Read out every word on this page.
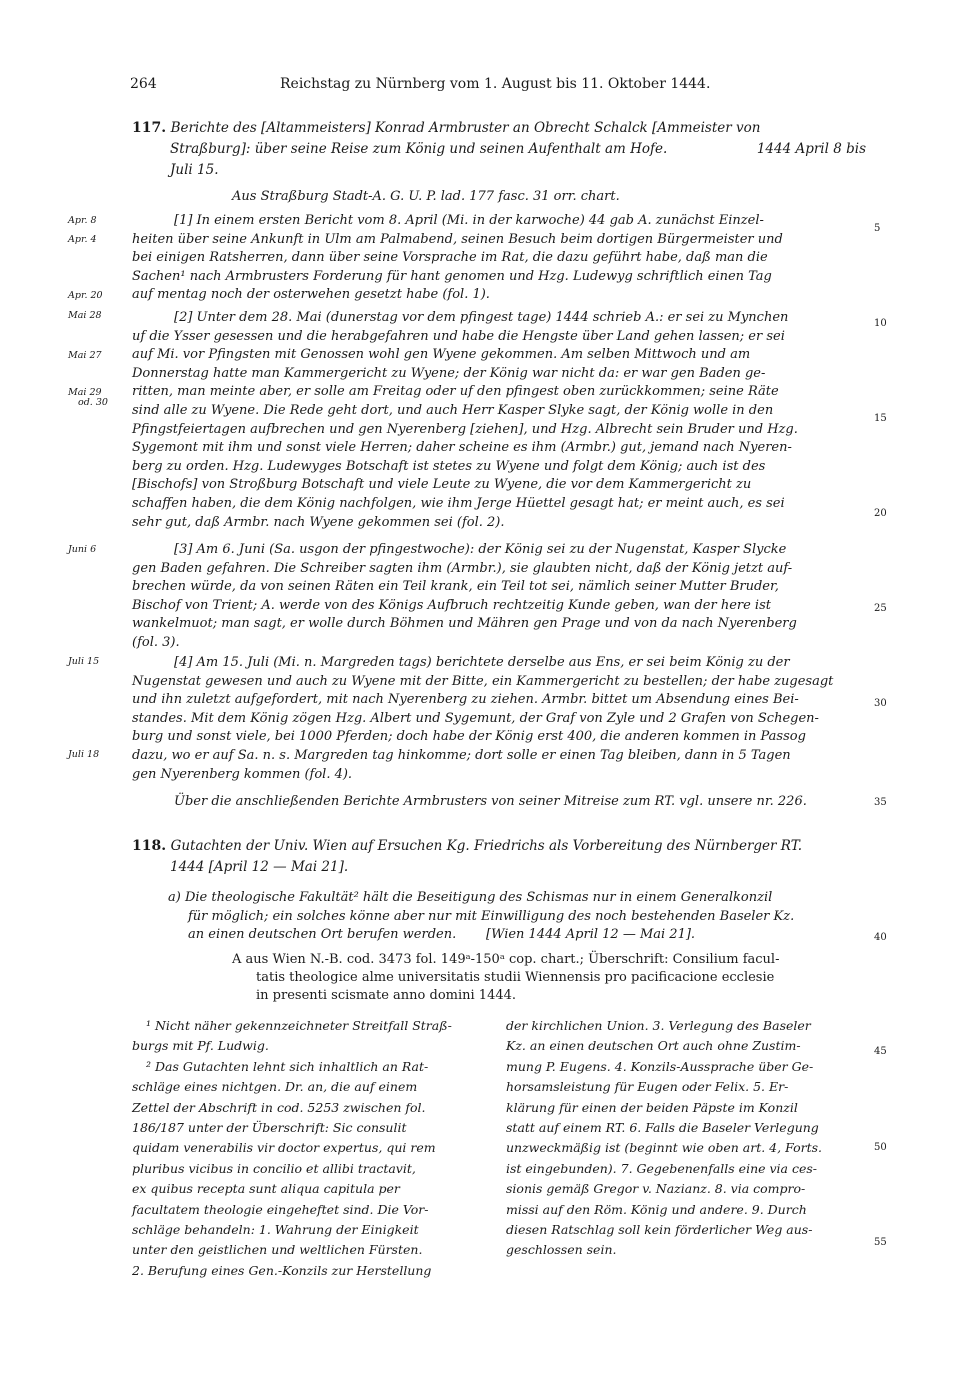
264	Reichstag zu Nürnberg vom 1. August bis 11. Oktober 1444.
117. Berichte des [Altammeisters] Konrad Armbruster an Obrecht Schalck [Ammeister von
Straßburg]: über seine Reise zum König und seinen Aufenthalt am Hofe.	1444 April 8 bis
Juli 15.
Aus Straßburg Stadt-A. G. U. P. lad. 177 fasc. 31 orr. chart.
Apr. 8
Apr. 4
Apr. 20
Mai 28
Mai 27
Mai 29
od. 30
Juni 6
Juli 15
Juli 18
5
10
15
20
25
30
35
40
45
50
55
[1] In einem ersten Bericht vom 8. April (Mi. in der karwoche) 44 gab A. zunächst Einzel-
heiten über seine Ankunft in Ulm am Palmabend, seinen Besuch beim dortigen Bürgermeister und
bei einigen Ratsherren, dann über seine Vorsprache im Rat, die dazu geführt habe, daß man die
Sachen¹ nach Armbrusters Forderung für hant genomen und Hzg. Ludewyg schriftlich einen Tag
auf mentag noch der osterwehen gesetzt habe (fol. 1).
[2] Unter dem 28. Mai (dunerstag vor dem pfingest tage) 1444 schrieb A.: er sei zu Mynchen
uf die Ysser gesessen und die herabgefahren und habe die Hengste über Land gehen lassen; er sei
auf Mi. vor Pfingsten mit Genossen wohl gen Wyene gekommen. Am selben Mittwoch und am
Donnerstag hatte man Kammergericht zu Wyene; der König war nicht da: er war gen Baden ge-
ritten, man meinte aber, er solle am Freitag oder uf den pfingest oben zurückkommen; seine Räte
sind alle zu Wyene. Die Rede geht dort, und auch Herr Kasper Slyke sagt, der König wolle in den
Pfingstfeiertagen aufbrechen und gen Nyerenberg [ziehen], und Hzg. Albrecht sein Bruder und Hzg.
Sygemont mit ihm und sonst viele Herren; daher scheine es ihm (Armbr.) gut, jemand nach Nyeren-
berg zu orden. Hzg. Ludewyges Botschaft ist stetes zu Wyene und folgt dem König; auch ist des
[Bischofs] von Stroßburg Botschaft und viele Leute zu Wyene, die vor dem Kammergericht zu
schaffen haben, die dem König nachfolgen, wie ihm Jerge Hüettel gesagt hat; er meint auch, es sei
sehr gut, daß Armbr. nach Wyene gekommen sei (fol. 2).
[3] Am 6. Juni (Sa. usgon der pfingestwoche): der König sei zu der Nugenstat, Kasper Slycke
gen Baden gefahren. Die Schreiber sagten ihm (Armbr.), sie glaubten nicht, daß der König jetzt auf-
brechen würde, da von seinen Räten ein Teil krank, ein Teil tot sei, nämlich seiner Mutter Bruder,
Bischof von Trient; A. werde von des Königs Aufbruch rechtzeitig Kunde geben, wan der here ist
wankelmuot; man sagt, er wolle durch Böhmen und Mähren gen Prage und von da nach Nyerenberg
(fol. 3).
[4] Am 15. Juli (Mi. n. Margreden tags) berichtete derselbe aus Ens, er sei beim König zu der
Nugenstat gewesen und auch zu Wyene mit der Bitte, ein Kammergericht zu bestellen; der habe zugesagt
und ihn zuletzt aufgefordert, mit nach Nyerenberg zu ziehen. Armbr. bittet um Absendung eines Bei-
standes. Mit dem König zögen Hzg. Albert und Sygemunt, der Graf von Zyle und 2 Grafen von Schegen-
burg und sonst viele, bei 1000 Pferden; doch habe der König erst 400, die anderen kommen in Passog
dazu, wo er auf Sa. n. s. Margreden tag hinkomme; dort solle er einen Tag bleiben, dann in 5 Tagen
gen Nyerenberg kommen (fol. 4).
Über die anschließenden Berichte Armbrusters von seiner Mitreise zum RT. vgl. unsere nr. 226.
118. Gutachten der Univ. Wien auf Ersuchen Kg. Friedrichs als Vorbereitung des Nürnberger RT.
1444 [April 12 — Mai 21].
a) Die theologische Fakultät² hält die Beseitigung des Schismas nur in einem Generalkonzil
für möglich; ein solches könne aber nur mit Einwilligung des noch bestehenden Baseler Kz.
an einen deutschen Ort berufen werden. [Wien 1444 April 12 — Mai 21].
A aus Wien N.-B. cod. 3473 fol. 149ᵃ-150ᵃ cop. chart.; Überschrift: Consilium facul-
tatis theologice alme universitatis studii Wiennensis pro pacificacione ecclesie
in presenti scismate anno domini 1444.

¹ Nicht näher gekennzeichneter Streitfall Straß-

burgs mit Pf. Ludwig.

² Das Gutachten lehnt sich inhaltlich an Rat-

schläge eines nichtgen. Dr. an, die auf einem

Zettel der Abschrift in cod. 5253 zwischen fol.

186/187 unter der Überschrift: Sic consulit

quidam venerabilis vir doctor expertus, qui rem

pluribus vicibus in concilio et allibi tractavit,

ex quibus recepta sunt aliqua capitula per

facultatem theologie eingeheftet sind. Die Vor-

schläge behandeln: 1. Wahrung der Einigkeit

unter den geistlichen und weltlichen Fürsten.

2. Berufung eines Gen.-Konzils zur Herstellung

der kirchlichen Union. 3. Verlegung des Baseler

Kz. an einen deutschen Ort auch ohne Zustim-

mung P. Eugens. 4. Konzils-Aussprache über Ge-

horsamsleistung für Eugen oder Felix. 5. Er-

klärung für einen der beiden Päpste im Konzil

statt auf einem RT. 6. Falls die Baseler Verlegung

unzweckmäßig ist (beginnt wie oben art. 4, Forts.

ist eingebunden). 7. Gegebenenfalls eine via ces-

sionis gemäß Gregor v. Nazianz. 8. via compro-

missi auf den Röm. König und andere. 9. Durch

diesen Ratschlag soll kein förderlicher Weg aus-

geschlossen sein.
